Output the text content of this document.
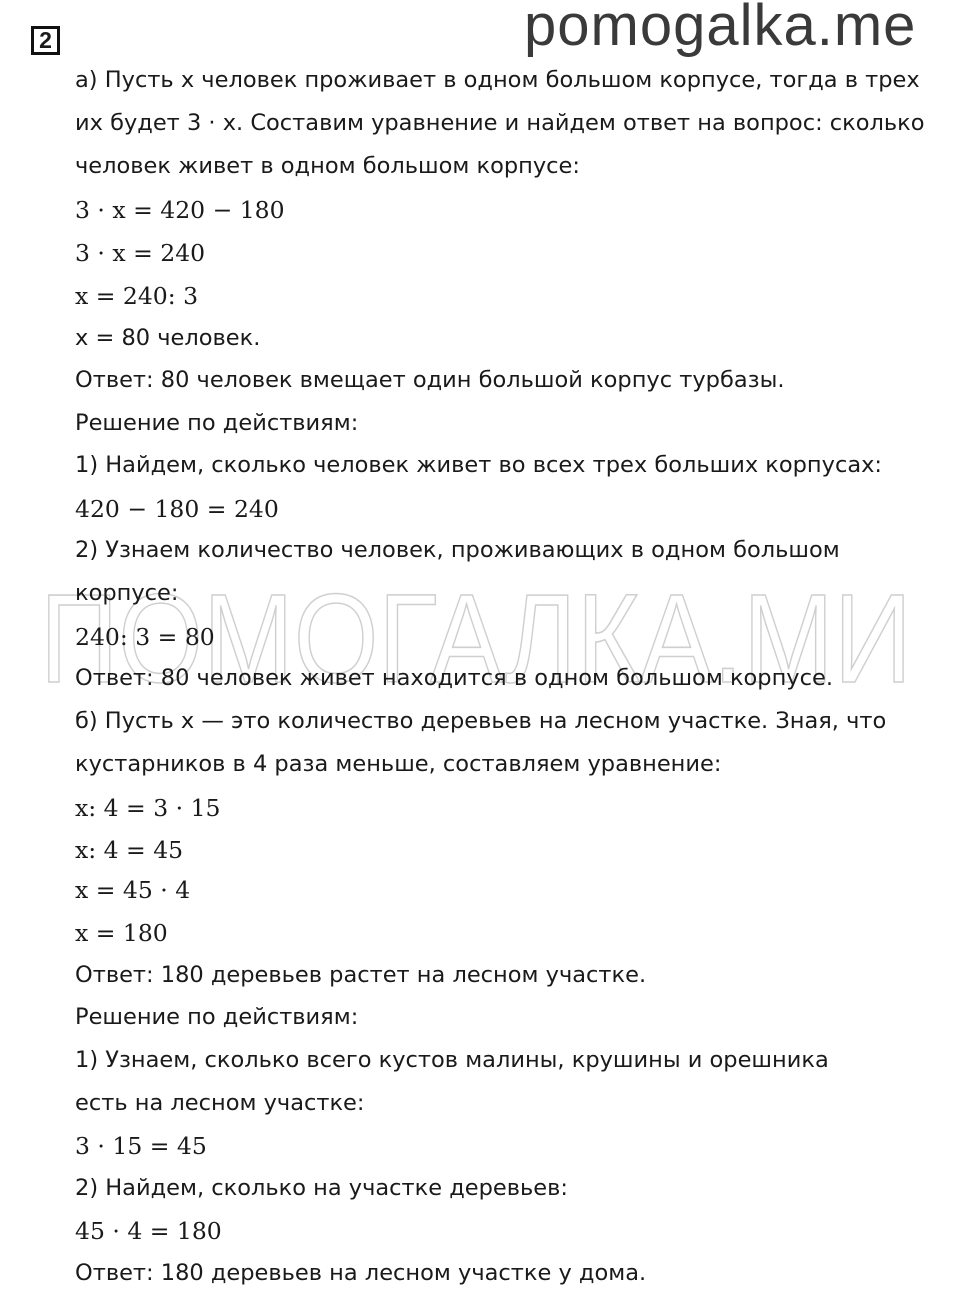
2	pomogalka.me
ПОМОГАЛКА.МИ
а) Пусть x человек проживает в одном большом корпусе, тогда в трех
их будет 3 · x. Составим уравнение и найдем ответ на вопрос: сколько
человек живет в одном большом корпусе:
3 · x = 420 − 180
3 · x = 240
x = 240: 3
x = 80 человек.
Ответ: 80 человек вмещает один большой корпус турбазы.
Решение по действиям:
1) Найдем, сколько человек живет во всех трех больших корпусах:
420 − 180 = 240
2) Узнаем количество человек, проживающих в одном большом
корпусе:
240: 3 = 80
Ответ: 80 человек живет находится в одном большом корпусе.
б) Пусть x — это количество деревьев на лесном участке. Зная, что
кустарников в 4 раза меньше, составляем уравнение:
x: 4 = 3 · 15
x: 4 = 45
x = 45 · 4
x = 180
Ответ: 180 деревьев растет на лесном участке.
Решение по действиям:
1) Узнаем, сколько всего кустов малины, крушины и орешника
есть на лесном участке:
3 · 15 = 45
2) Найдем, сколько на участке деревьев:
45 · 4 = 180
Ответ: 180 деревьев на лесном участке у дома.
